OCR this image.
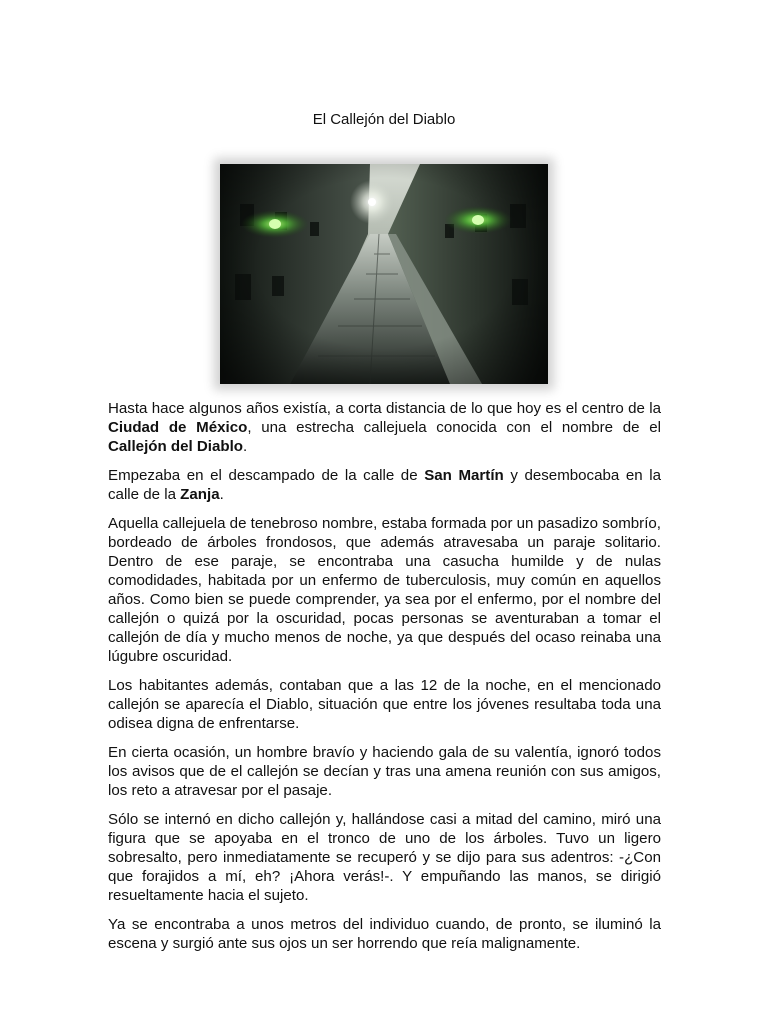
El Callejón del Diablo

Hasta hace algunos años existía, a corta distancia de lo que hoy es el centro de la Ciudad de México, una estrecha callejuela conocida con el nombre de el Callejón del Diablo.

Empezaba en el descampado de la calle de San Martín y desembocaba en la calle de la Zanja.

Aquella callejuela de tenebroso nombre, estaba formada por un pasadizo sombrío, bordeado de árboles frondosos, que además atravesaba un paraje solitario. Dentro de ese paraje, se encontraba una casucha humilde y de nulas comodidades, habitada por un enfermo de tuberculosis, muy común en aquellos años. Como bien se puede comprender, ya sea por el enfermo, por el nombre del callejón o quizá por la oscuridad, pocas personas se aventuraban a tomar el callejón de día y mucho menos de noche, ya que después del ocaso reinaba una lúgubre oscuridad.

Los habitantes además, contaban que a las 12 de la noche, en el mencionado callejón se aparecía el Diablo, situación que entre los jóvenes resultaba toda una odisea digna de enfrentarse.

En cierta ocasión, un hombre bravío y haciendo gala de su valentía, ignoró todos los avisos que de el callejón se decían y tras una amena reunión con sus amigos, los reto a atravesar por el pasaje.

Sólo se internó en dicho callejón y, hallándose casi a mitad del camino, miró una figura que se apoyaba en el tronco de uno de los árboles. Tuvo un ligero sobresalto, pero inmediatamente se recuperó y se dijo para sus adentros: -¿Con que forajidos a mí, eh? ¡Ahora verás!-. Y empuñando las manos, se dirigió resueltamente hacia el sujeto.

Ya se encontraba a unos metros del individuo cuando, de pronto, se iluminó la escena y surgió ante sus ojos un ser horrendo que reía malignamente.
